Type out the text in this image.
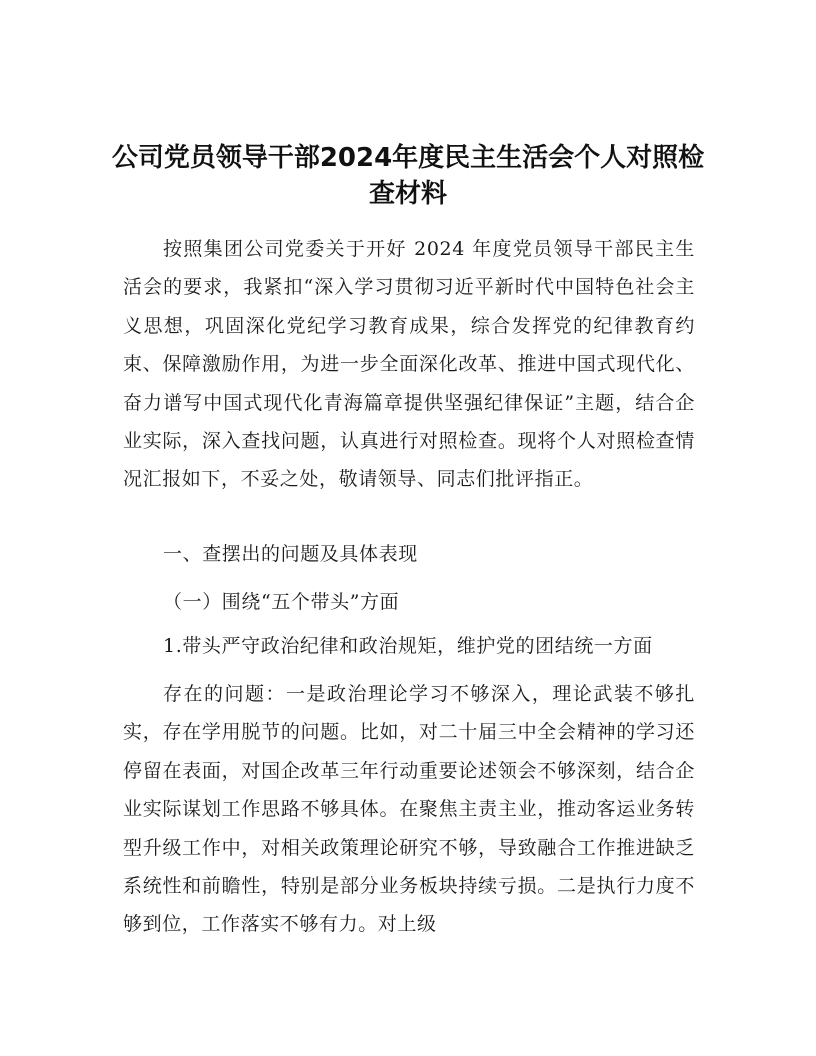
公司党员领导干部2024年度民主生活会个人对照检查材料

按照集团公司党委关于开好 2024 年度党员领导干部民主生活会的要求，我紧扣“深入学习贯彻习近平新时代中国特色社会主义思想，巩固深化党纪学习教育成果，综合发挥党的纪律教育约束、保障激励作用，为进一步全面深化改革、推进中国式现代化、奋力谱写中国式现代化青海篇章提供坚强纪律保证”主题，结合企业实际，深入查找问题，认真进行对照检查。现将个人对照检查情况汇报如下，不妥之处，敬请领导、同志们批评指正。

一、查摆出的问题及具体表现

（一）围绕“五个带头”方面

1.带头严守政治纪律和政治规矩，维护党的团结统一方面

存在的问题：一是政治理论学习不够深入，理论武装不够扎实，存在学用脱节的问题。比如，对二十届三中全会精神的学习还停留在表面，对国企改革三年行动重要论述领会不够深刻，结合企业实际谋划工作思路不够具体。在聚焦主责主业，推动客运业务转型升级工作中，对相关政策理论研究不够，导致融合工作推进缺乏系统性和前瞻性，特别是部分业务板块持续亏损。二是执行力度不够到位，工作落实不够有力。对上级
